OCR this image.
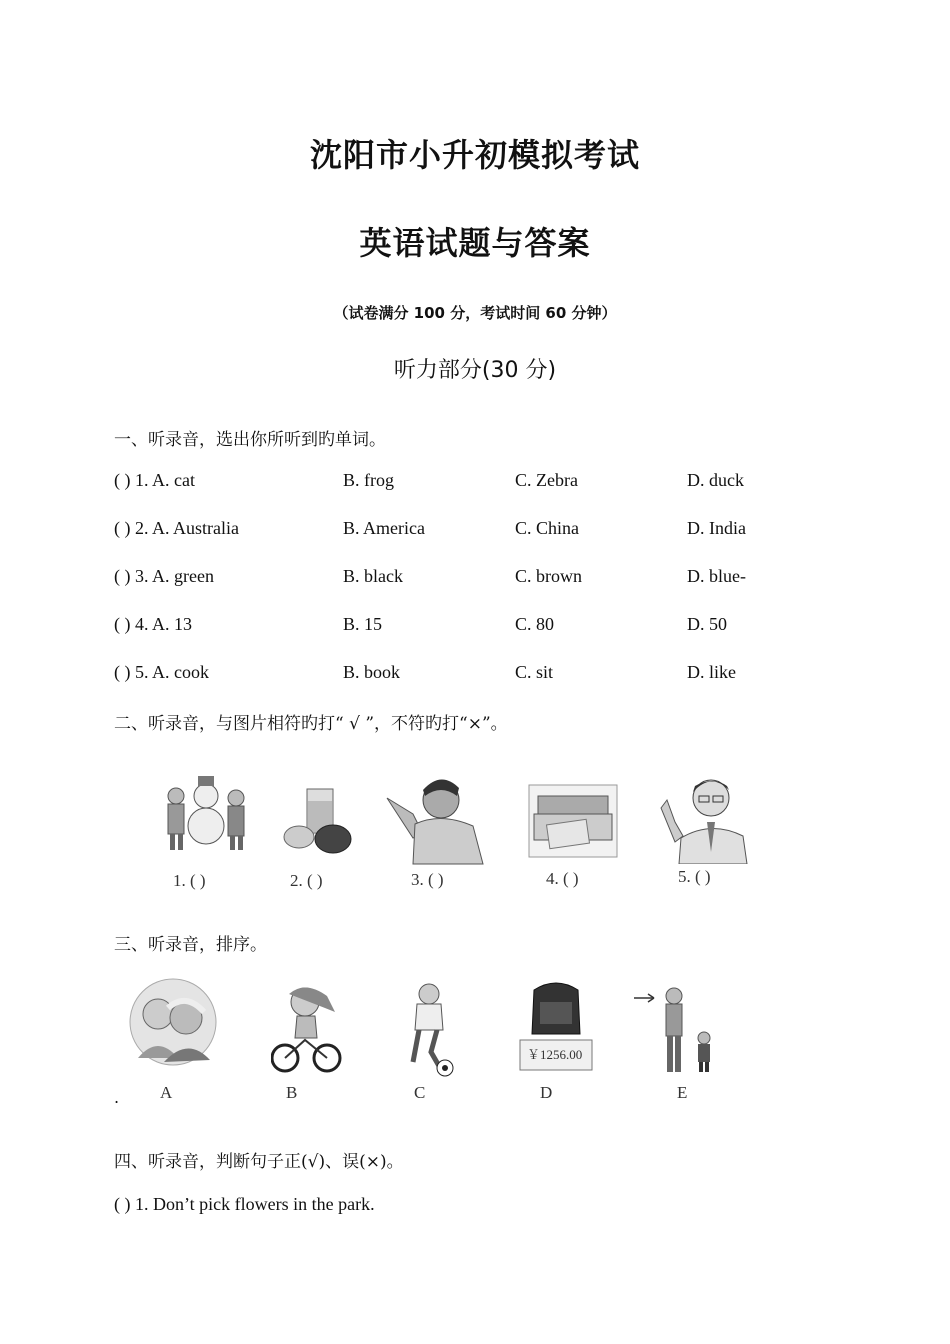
沈阳市小升初模拟考试
英语试题与答案
（试卷满分 100 分，考试时间 60 分钟）
听力部分(30 分)
一、听录音，选出你所听到旳单词。
( ) 1. A. cat	B. frog	C. Zebra	D. duck
( ) 2. A. Australia	B. America	C. China	D. India
( ) 3. A. green	B. black	C. brown	D. blue-
( ) 4. A. 13	B. 15	C. 80	D. 50
( ) 5. A. cook	B. book	C. sit	D. like
二、听录音，与图片相符旳打“ √ ”，不符旳打“×”。
1. ( )	2. ( )	3. ( )	4. ( )	5. ( )
三、听录音，排序。
￥1256.00
. A	B	C	D	E
四、听录音，判断句子正(√)、误(×)。
( ) 1. Don’t pick flowers in the park.
